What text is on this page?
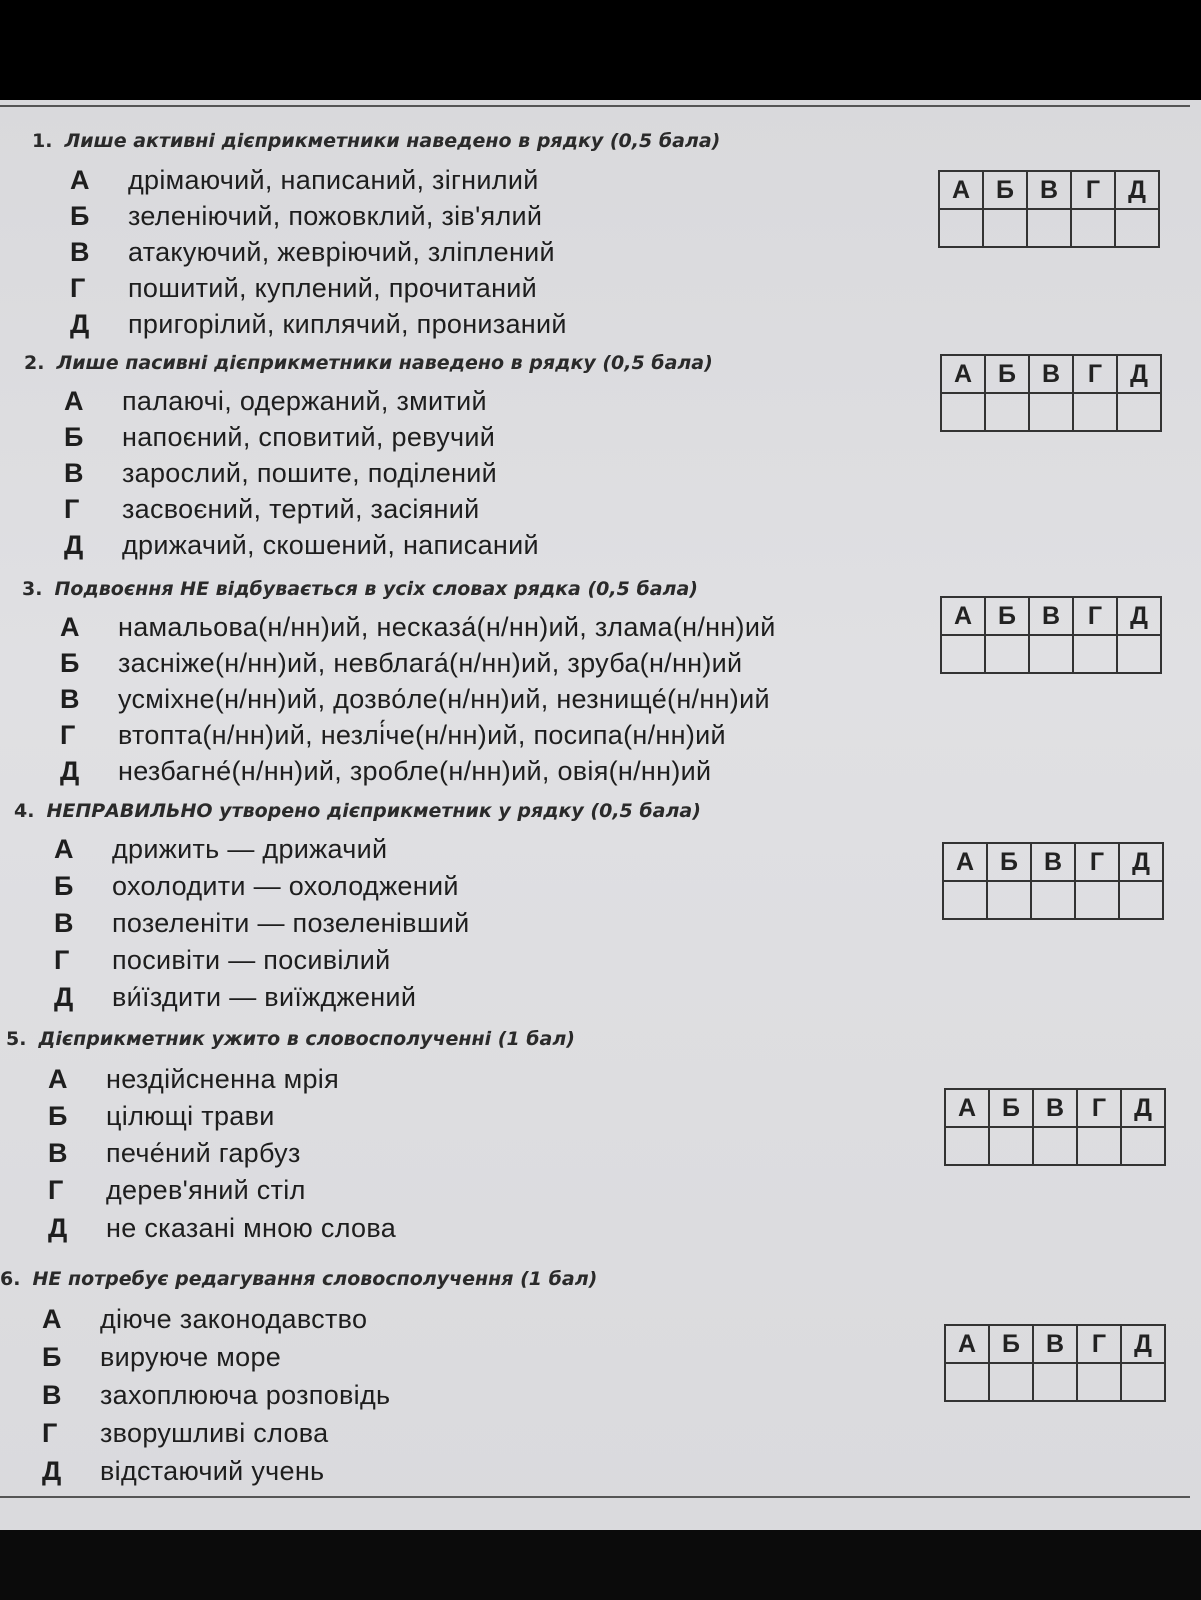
1. Лише активні дієприкметники наведено в рядку (0,5 бала)
А дрімаючий, написаний, зігнилий
Б зеленіючий, пожовклий, зів'ялий
В атакуючий, жевріючий, зліплений
Г пошитий, куплений, прочитаний
Д пригорілий, киплячий, пронизаний
А	Б	В	Г	Д

2. Лише пасивні дієприкметники наведено в рядку (0,5 бала)
А палаючі, одержаний, змитий
Б напоєний, сповитий, ревучий
В зарослий, пошите, поділений
Г засвоєний, тертий, засіяний
Д дрижачий, скошений, написаний
А	Б	В	Г	Д

3. Подвоєння НЕ відбувається в усіх словах рядка (0,5 бала)
А намальова(н/нн)ий, несказа́(н/нн)ий, злама(н/нн)ий
Б засніже(н/нн)ий, невблага́(н/нн)ий, зруба(н/нн)ий
В усміхне(н/нн)ий, дозво́ле(н/нн)ий, незнище́(н/нн)ий
Г втопта(н/нн)ий, незлі́че(н/нн)ий, посипа(н/нн)ий
Д незбагне́(н/нн)ий, зробле(н/нн)ий, овія(н/нн)ий
А	Б	В	Г	Д

4. НЕПРАВИЛЬНО утворено дієприкметник у рядку (0,5 бала)
А дрижить — дрижачий
Б охолодити — охолоджений
В позеленіти — позеленівший
Г посивіти — посивілий
Д ви́їздити — виїжджений
А	Б	В	Г	Д

5. Дієприкметник ужито в словосполученні (1 бал)
А нездійсненна мрія
Б цілющі трави
В пече́ний гарбуз
Г дерев'яний стіл
Д не сказані мною слова
А	Б	В	Г	Д

6. НЕ потребує редагування словосполучення (1 бал)
А діюче законодавство
Б вируюче море
В захоплююча розповідь
Г зворушливі слова
Д відстаючий учень
А	Б	В	Г	Д
